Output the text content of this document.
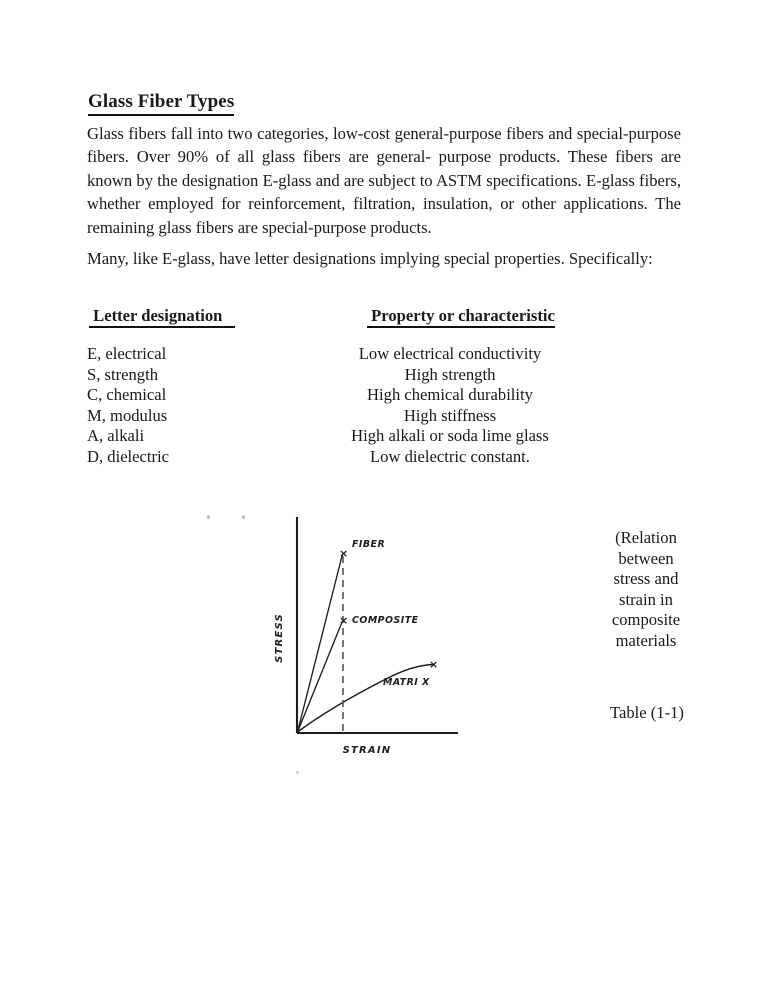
Glass Fiber Types
Glass fibers fall into two categories, low-cost general-purpose fibers and special-purpose fibers. Over 90% of all glass fibers are general- purpose products. These fibers are known by the designation E-glass and are subject to ASTM specifications. E-glass fibers, whether employed for reinforcement, filtration, insulation, or other applications. The remaining glass fibers are special-purpose products.
Many, like E-glass, have letter designations implying special properties. Specifically:
Letter designation	Property or characteristic
E, electrical	Low electrical conductivity
S, strength	High strength
C, chemical	High chemical durability
M, modulus	High stiffness
A, alkali	High alkali or soda lime glass
D, dielectric	Low dielectric constant.
×
×
×
FIBER
COMPOSITE
MATRI X
STRESS
STRAIN
(Relation between stress and strain in composite materials
Table (1-1)
